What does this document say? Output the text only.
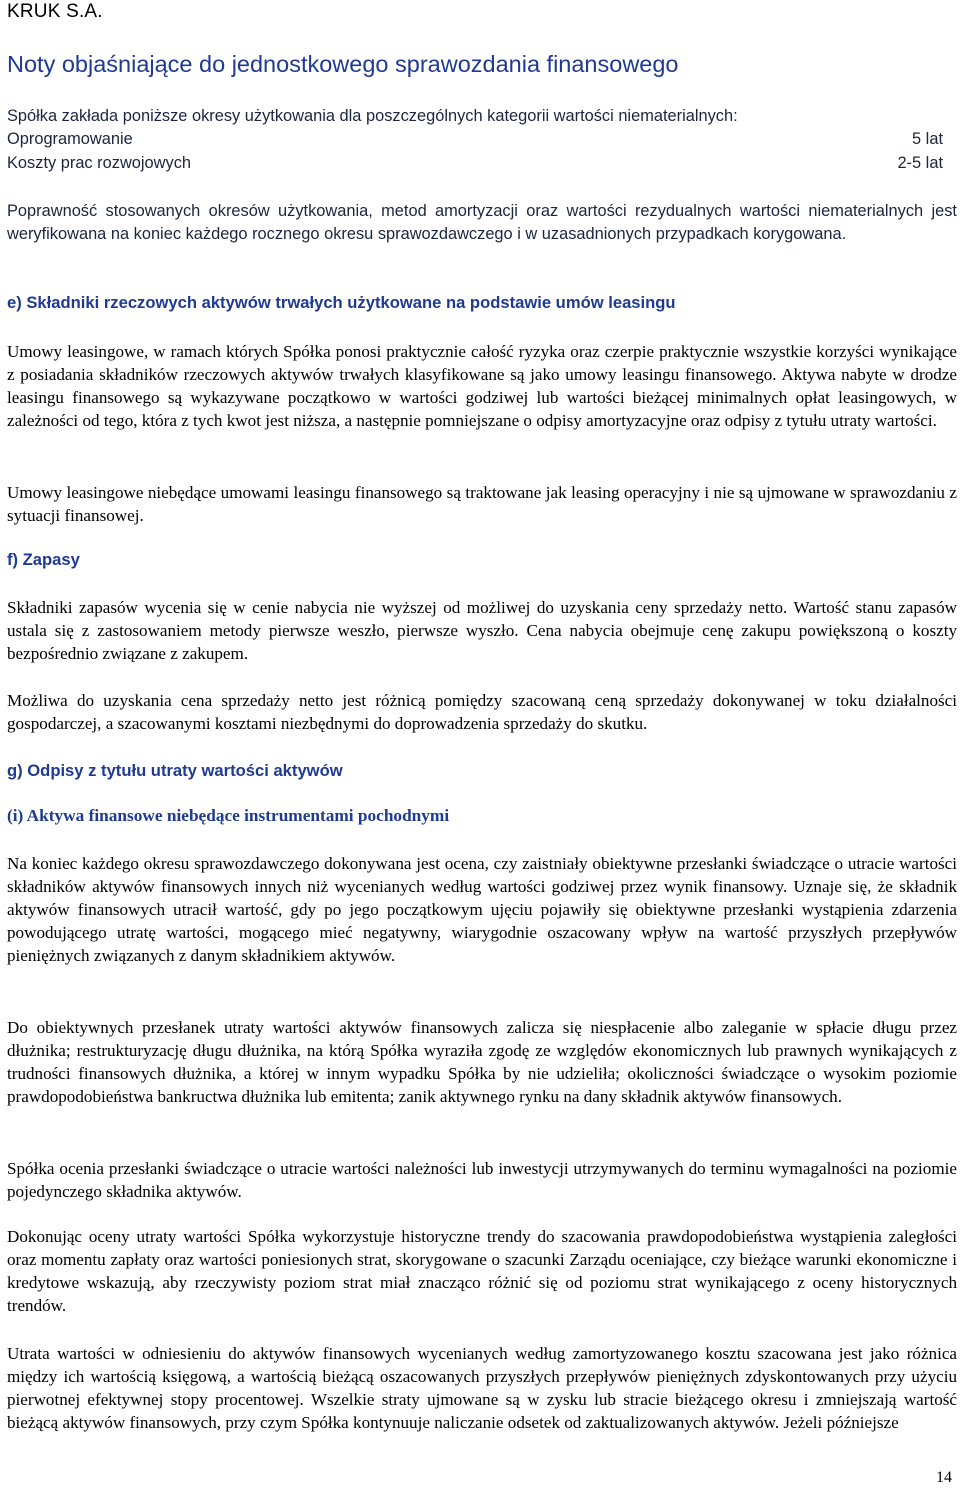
KRUK S.A.
Noty objaśniające do jednostkowego sprawozdania finansowego

Spółka zakłada poniższe okresy użytkowania dla poszczególnych kategorii wartości niematerialnych:

Oprogramowanie	5 lat
Koszty prac rozwojowych	2-5 lat

Poprawność stosowanych okresów użytkowania, metod amortyzacji oraz wartości rezydualnych wartości niematerialnych jest weryfikowana na koniec każdego rocznego okresu sprawozdawczego i w uzasadnionych przypadkach korygowana.

e) Składniki rzeczowych aktywów trwałych użytkowane na podstawie umów leasingu

Umowy leasingowe, w ramach których Spółka ponosi praktycznie całość ryzyka oraz czerpie praktycznie wszystkie korzyści wynikające z posiadania składników rzeczowych aktywów trwałych klasyfikowane są jako umowy leasingu finansowego. Aktywa nabyte w drodze leasingu finansowego są wykazywane początkowo w wartości godziwej lub wartości bieżącej minimalnych opłat leasingowych, w zależności od tego, która z tych kwot jest niższa, a następnie pomniejszane o odpisy amortyzacyjne oraz odpisy z tytułu utraty wartości.

Umowy leasingowe niebędące umowami leasingu finansowego są traktowane jak leasing operacyjny i nie są ujmowane w sprawozdaniu z sytuacji finansowej.

f) Zapasy

Składniki zapasów wycenia się w cenie nabycia nie wyższej od możliwej do uzyskania ceny sprzedaży netto. Wartość stanu zapasów ustala się z zastosowaniem metody pierwsze weszło, pierwsze wyszło. Cena nabycia obejmuje cenę zakupu powiększoną o koszty bezpośrednio związane z zakupem.

Możliwa do uzyskania cena sprzedaży netto jest różnicą pomiędzy szacowaną ceną sprzedaży dokonywanej w toku działalności gospodarczej, a szacowanymi kosztami niezbędnymi do doprowadzenia sprzedaży do skutku.

g) Odpisy z tytułu utraty wartości aktywów
(i) Aktywa finansowe niebędące instrumentami pochodnymi

Na koniec każdego okresu sprawozdawczego dokonywana jest ocena, czy zaistniały obiektywne przesłanki świadczące o utracie wartości składników aktywów finansowych innych niż wycenianych według wartości godziwej przez wynik finansowy. Uznaje się, że składnik aktywów finansowych utracił wartość, gdy po jego początkowym ujęciu pojawiły się obiektywne przesłanki wystąpienia zdarzenia powodującego utratę wartości, mogącego mieć negatywny, wiarygodnie oszacowany wpływ na wartość przyszłych przepływów pieniężnych związanych z danym składnikiem aktywów.

Do obiektywnych przesłanek utraty wartości aktywów finansowych zalicza się niespłacenie albo zaleganie w spłacie długu przez dłużnika; restrukturyzację długu dłużnika, na którą Spółka wyraziła zgodę ze względów ekonomicznych lub prawnych wynikających z trudności finansowych dłużnika, a której w innym wypadku Spółka by nie udzieliła; okoliczności świadczące o wysokim poziomie prawdopodobieństwa bankructwa dłużnika lub emitenta; zanik aktywnego rynku na dany składnik aktywów finansowych.

Spółka ocenia przesłanki świadczące o utracie wartości należności lub inwestycji utrzymywanych do terminu wymagalności na poziomie pojedynczego składnika aktywów.

Dokonując oceny utraty wartości Spółka wykorzystuje historyczne trendy do szacowania prawdopodobieństwa wystąpienia zaległości oraz momentu zapłaty oraz wartości poniesionych strat, skorygowane o szacunki Zarządu oceniające, czy bieżące warunki ekonomiczne i kredytowe wskazują, aby rzeczywisty poziom strat miał znacząco różnić się od poziomu strat wynikającego z oceny historycznych trendów.

Utrata wartości w odniesieniu do aktywów finansowych wycenianych według zamortyzowanego kosztu szacowana jest jako różnica między ich wartością księgową, a wartością bieżącą oszacowanych przyszłych przepływów pieniężnych zdyskontowanych przy użyciu pierwotnej efektywnej stopy procentowej. Wszelkie straty ujmowane są w zysku lub stracie bieżącego okresu i zmniejszają wartość bieżącą aktywów finansowych, przy czym Spółka kontynuuje naliczanie odsetek od zaktualizowanych aktywów. Jeżeli późniejsze

14
